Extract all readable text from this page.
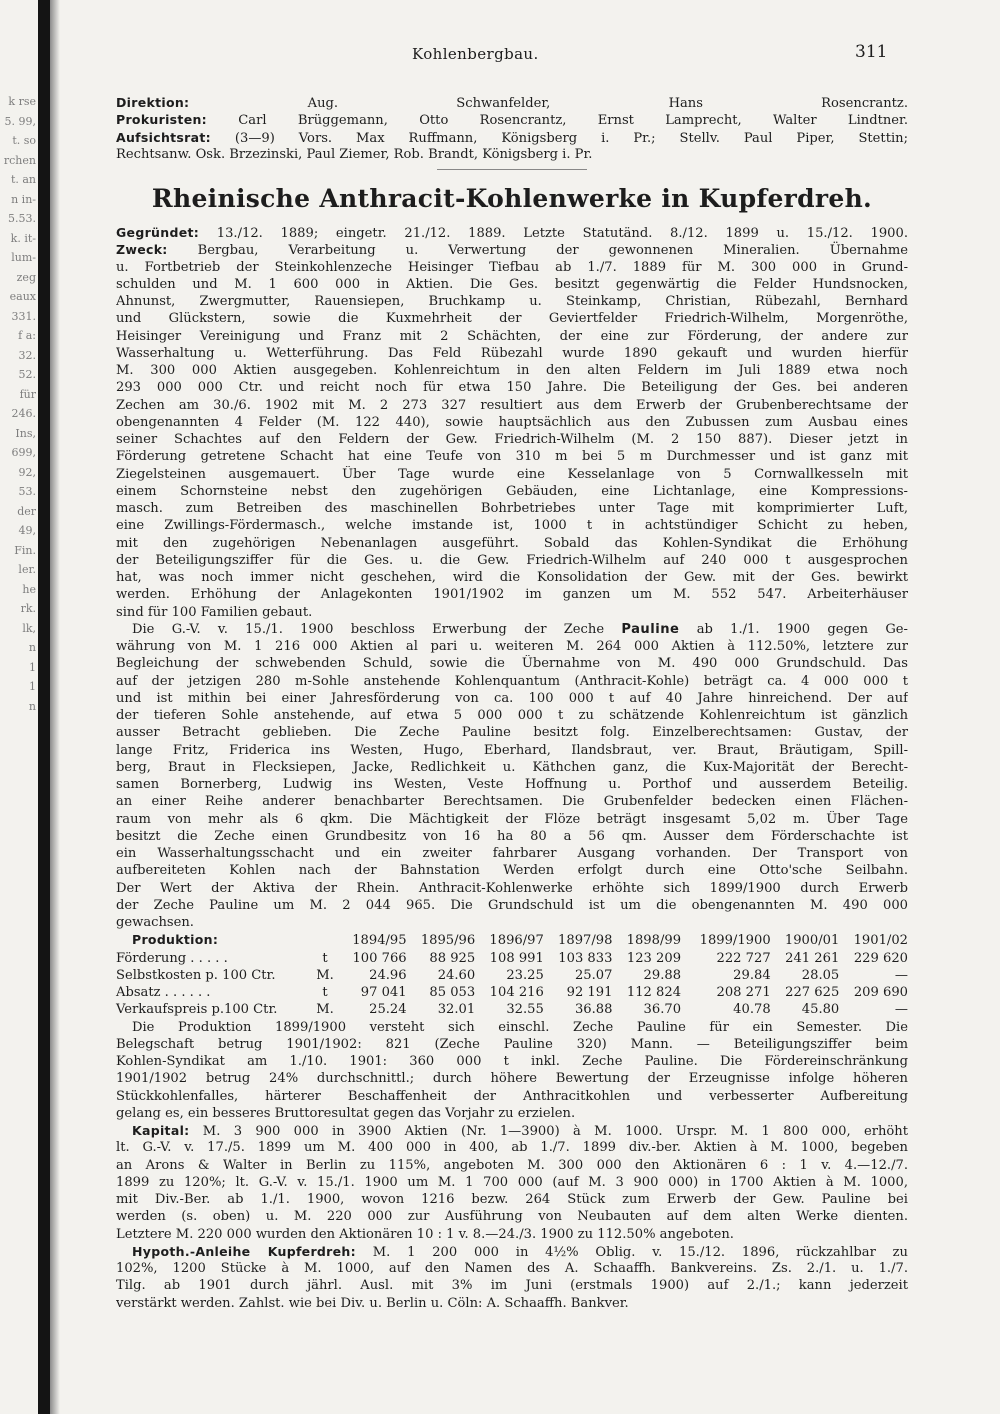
k rse
5. 99,
t. so
rchen
t. an
n in-
5.53.
k. it-
lum-
zeg
eaux
331.
f a:
32.
52.
für
246.
Ins,
699,
92,
53.
der
49,
Fin.
ler.
he
rk.
lk,
n
1
1
n
Kohlenbergbau.	311
Direktion:	Aug. Schwanfelder, Hans Rosencrantz.
Prokuristen: Carl Brüggemann, Otto Rosencrantz, Ernst Lamprecht, Walter Lindtner.
Aufsichtsrat: (3—9) Vors. Max Ruffmann, Königsberg i. Pr.; Stellv. Paul Piper, Stettin;
Rechtsanw. Osk. Brzezinski, Paul Ziemer, Rob. Brandt, Königsberg i. Pr.
Rheinische Anthracit-Kohlenwerke in Kupferdreh.
Gegründet: 13./12. 1889; eingetr. 21./12. 1889. Letzte Statutänd. 8./12. 1899 u. 15./12. 1900.
Zweck: Bergbau, Verarbeitung u. Verwertung der gewonnenen Mineralien. Übernahme
u. Fortbetrieb der Steinkohlenzeche Heisinger Tiefbau ab 1./7. 1889 für M. 300 000 in Grund-
schulden und M. 1 600 000 in Aktien. Die Ges. besitzt gegenwärtig die Felder Hundsnocken,
Ahnunst, Zwergmutter, Rauensiepen, Bruchkamp u. Steinkamp, Christian, Rübezahl, Bernhard
und Glückstern, sowie die Kuxmehrheit der Geviertfelder Friedrich-Wilhelm, Morgenröthe,
Heisinger Vereinigung und Franz mit 2 Schächten, der eine zur Förderung, der andere zur
Wasserhaltung u. Wetterführung. Das Feld Rübezahl wurde 1890 gekauft und wurden hierfür
M. 300 000 Aktien ausgegeben. Kohlenreichtum in den alten Feldern im Juli 1889 etwa noch
293 000 000 Ctr. und reicht noch für etwa 150 Jahre. Die Beteiligung der Ges. bei anderen
Zechen am 30./6. 1902 mit M. 2 273 327 resultiert aus dem Erwerb der Grubenberechtsame der
obengenannten 4 Felder (M. 122 440), sowie hauptsächlich aus den Zubussen zum Ausbau eines
seiner Schachtes auf den Feldern der Gew. Friedrich-Wilhelm (M. 2 150 887). Dieser jetzt in
Förderung getretene Schacht hat eine Teufe von 310 m bei 5 m Durchmesser und ist ganz mit
Ziegelsteinen ausgemauert. Über Tage wurde eine Kesselanlage von 5 Cornwallkesseln mit
einem Schornsteine nebst den zugehörigen Gebäuden, eine Lichtanlage, eine Kompressions-
masch. zum Betreiben des maschinellen Bohrbetriebes unter Tage mit komprimierter Luft,
eine Zwillings-Fördermasch., welche imstande ist, 1000 t in achtstündiger Schicht zu heben,
mit den zugehörigen Nebenanlagen ausgeführt. Sobald das Kohlen-Syndikat die Erhöhung
der Beteiligungsziffer für die Ges. u. die Gew. Friedrich-Wilhelm auf 240 000 t ausgesprochen
hat, was noch immer nicht geschehen, wird die Konsolidation der Gew. mit der Ges. bewirkt
werden. Erhöhung der Anlagekonten 1901/1902 im ganzen um M. 552 547. Arbeiterhäuser
sind für 100 Familien gebaut.
Die G.-V. v. 15./1. 1900 beschloss Erwerbung der Zeche Pauline ab 1./1. 1900 gegen Ge-
währung von M. 1 216 000 Aktien al pari u. weiteren M. 264 000 Aktien à 112.50%, letztere zur
Begleichung der schwebenden Schuld, sowie die Übernahme von M. 490 000 Grundschuld. Das
auf der jetzigen 280 m-Sohle anstehende Kohlenquantum (Anthracit-Kohle) beträgt ca. 4 000 000 t
und ist mithin bei einer Jahresförderung von ca. 100 000 t auf 40 Jahre hinreichend. Der auf
der tieferen Sohle anstehende, auf etwa 5 000 000 t zu schätzende Kohlenreichtum ist gänzlich
ausser Betracht geblieben. Die Zeche Pauline besitzt folg. Einzelberechtsamen: Gustav, der
lange Fritz, Friderica ins Westen, Hugo, Eberhard, Ilandsbraut, ver. Braut, Bräutigam, Spill-
berg, Braut in Flecksiepen, Jacke, Redlichkeit u. Käthchen ganz, die Kux-Majorität der Berecht-
samen Bornerberg, Ludwig ins Westen, Veste Hoffnung u. Porthof und ausserdem Beteilig.
an einer Reihe anderer benachbarter Berechtsamen. Die Grubenfelder bedecken einen Flächen-
raum von mehr als 6 qkm. Die Mächtigkeit der Flöze beträgt insgesamt 5,02 m. Über Tage
besitzt die Zeche einen Grundbesitz von 16 ha 80 a 56 qm. Ausser dem Förderschachte ist
ein Wasserhaltungsschacht und ein zweiter fahrbarer Ausgang vorhanden. Der Transport von
aufbereiteten Kohlen nach der Bahnstation Werden erfolgt durch eine Otto'sche Seilbahn.
Der Wert der Aktiva der Rhein. Anthracit-Kohlenwerke erhöhte sich 1899/1900 durch Erwerb
der Zeche Pauline um M. 2 044 965. Die Grundschuld ist um die obengenannten M. 490 000
gewachsen.
Produktion:		1894/95	1895/96	1896/97	1897/98	1898/99	1899/1900	1900/01	1901/02
Förderung . . . . .	t	100 766	88 925	108 991	103 833	123 209	222 727	241 261	229 620
Selbstkosten p. 100 Ctr.	M.	24.96	24.60	23.25	25.07	29.88	29.84	28.05	—
Absatz . . . . . .	t	97 041	85 053	104 216	92 191	112 824	208 271	227 625	209 690
Verkaufspreis p.100 Ctr.	M.	25.24	32.01	32.55	36.88	36.70	40.78	45.80	—
Die Produktion 1899/1900 versteht sich einschl. Zeche Pauline für ein Semester. Die
Belegschaft betrug 1901/1902: 821 (Zeche Pauline 320) Mann. — Beteiligungsziffer beim
Kohlen-Syndikat am 1./10. 1901: 360 000 t inkl. Zeche Pauline. Die Fördereinschränkung
1901/1902 betrug 24% durchschnittl.; durch höhere Bewertung der Erzeugnisse infolge höheren
Stückkohlenfalles, härterer Beschaffenheit der Anthracitkohlen und verbesserter Aufbereitung
gelang es, ein besseres Bruttoresultat gegen das Vorjahr zu erzielen.
Kapital: M. 3 900 000 in 3900 Aktien (Nr. 1—3900) à M. 1000. Urspr. M. 1 800 000, erhöht
lt. G.-V. v. 17./5. 1899 um M. 400 000 in 400, ab 1./7. 1899 div.-ber. Aktien à M. 1000, begeben
an Arons & Walter in Berlin zu 115%, angeboten M. 300 000 den Aktionären 6 : 1 v. 4.—12./7.
1899 zu 120%; lt. G.-V. v. 15./1. 1900 um M. 1 700 000 (auf M. 3 900 000) in 1700 Aktien à M. 1000,
mit Div.-Ber. ab 1./1. 1900, wovon 1216 bezw. 264 Stück zum Erwerb der Gew. Pauline bei
werden (s. oben) u. M. 220 000 zur Ausführung von Neubauten auf dem alten Werke dienten.
Letztere M. 220 000 wurden den Aktionären 10 : 1 v. 8.—24./3. 1900 zu 112.50% angeboten.
Hypoth.-Anleihe Kupferdreh: M. 1 200 000 in 4½% Oblig. v. 15./12. 1896, rückzahlbar zu
102%, 1200 Stücke à M. 1000, auf den Namen des A. Schaaffh. Bankvereins. Zs. 2./1. u. 1./7.
Tilg. ab 1901 durch jährl. Ausl. mit 3% im Juni (erstmals 1900) auf 2./1.; kann jederzeit
verstärkt werden. Zahlst. wie bei Div. u. Berlin u. Cöln: A. Schaaffh. Bankver.
